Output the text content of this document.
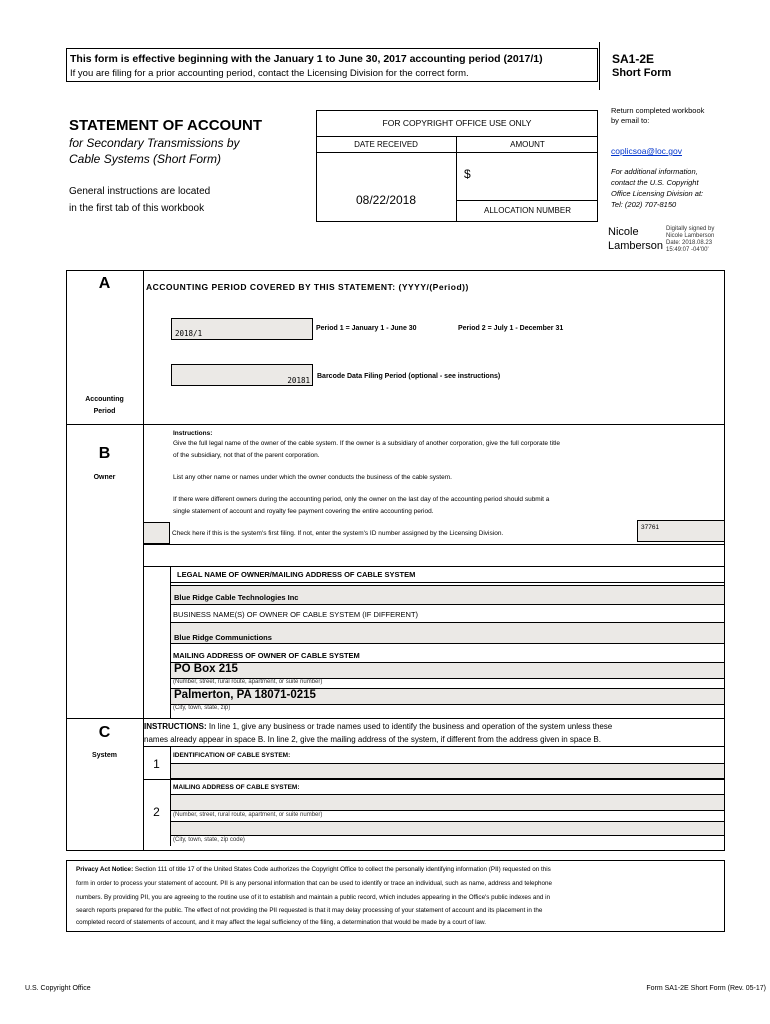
This form is effective beginning with the January 1 to June 30, 2017 accounting period (2017/1)
If you are filing for a prior accounting period, contact the Licensing Division for the correct form.
SA1-2E
Short Form
STATEMENT OF ACCOUNT
for Secondary Transmissions by
Cable Systems (Short Form)
General instructions are located
in the first tab of this workbook
FOR COPYRIGHT OFFICE USE ONLY
DATE RECEIVED	AMOUNT
08/22/2018
$
ALLOCATION NUMBER
Return completed workbook
by email to:
coplicsoa@loc.gov
For additional information,
contact the U.S. Copyright
Office Licensing Division at:
Tel: (202) 707-8150
Nicole
Lamberson
Digitally signed by
Nicole Lamberson
Date: 2018.08.23
15:49:07 -04'00'
A	ACCOUNTING PERIOD COVERED BY THIS STATEMENT: (YYYY/(Period))
2018/1
Period 1 = January 1 - June 30	Period 2 = July 1 - December 31
20181 Barcode Data Filing Period (optional - see instructions)
Accounting
Period
B
Owner
Instructions:
Give the full legal name of the owner of the cable system. If the owner is a subsidiary of another corporation, give the full corporate title
of the subsidiary, not that of the parent corporation.
List any other name or names under which the owner conducts the business of the cable system.
If there were different owners during the accounting period, only the owner on the last day of the accounting period should submit a
single statement of account and royalty fee payment covering the entire accounting period.
Check here if this is the system's first filing. If not, enter the system's ID number assigned by the Licensing Division.
37761
LEGAL NAME OF OWNER/MAILING ADDRESS OF CABLE SYSTEM
Blue Ridge Cable Technologies Inc
BUSINESS NAME(S) OF OWNER OF CABLE SYSTEM (IF DIFFERENT)
Blue Ridge Communictions
MAILING ADDRESS OF OWNER OF CABLE SYSTEM
PO Box 215
(Number, street, rural route, apartment, or suite number)
Palmerton, PA 18071-0215
(City, town, state, zip)
C
System
INSTRUCTIONS: In line 1, give any business or trade names used to identify the business and operation of the system unless these
names already appear in space B. In line 2, give the mailing address of the system, if different from the address given in space B.
1
IDENTIFICATION OF CABLE SYSTEM:
MAILING ADDRESS OF CABLE SYSTEM:
2	(Number, street, rural route, apartment, or suite number)
(City, town, state, zip code)
Privacy Act Notice: Section 111 of title 17 of the United States Code authorizes the Copyright Office to collect the personally identifying information (PII) requested on this
form in order to process your statement of account. PII is any personal information that can be used to identify or trace an individual, such as name, address and telephone
numbers. By providing PII, you are agreeing to the routine use of it to establish and maintain a public record, which includes appearing in the Office's public indexes and in
search reports prepared for the public. The effect of not providing the PII requested is that it may delay processing of your statement of account and its placement in the
completed record of statements of account, and it may affect the legal sufficiency of the filing, a determination that would be made by a court of law.
U.S. Copyright Office	Form SA1-2E Short Form (Rev. 05-17)
